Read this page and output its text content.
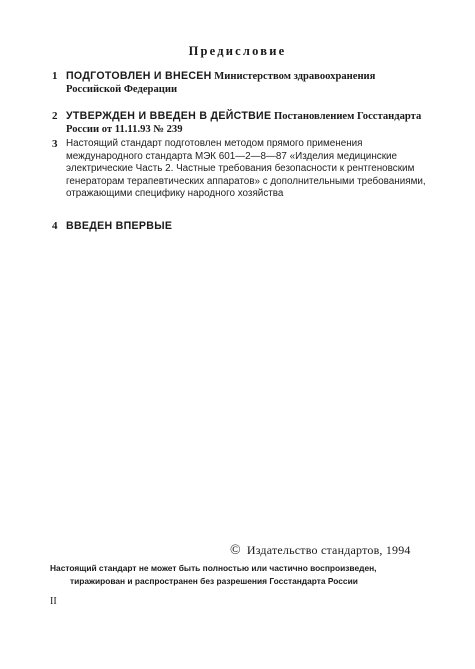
Предисловие
1 ПОДГОТОВЛЕН И ВНЕСЕН Министерством здравоохранения Российской Федерации
2 УТВЕРЖДЕН И ВВЕДЕН В ДЕЙСТВИЕ Постановлением Госстандарта России от 11.11.93 № 239
3 Настоящий стандарт подготовлен методом прямого применения международного стандарта МЭК 601—2—8—87 «Изделия медицинские электрические Часть 2. Частные требования безопасности к рентгеновским генераторам терапевтических аппаратов» с дополнительными требованиями, отражающими специфику народного хозяйства
4 ВВЕДЕН ВПЕРВЫЕ
© Издательство стандартов, 1994
Настоящий стандарт не может быть полностью или частично воспроизведен,
тиражирован и распространен без разрешения Госстандарта России
II
